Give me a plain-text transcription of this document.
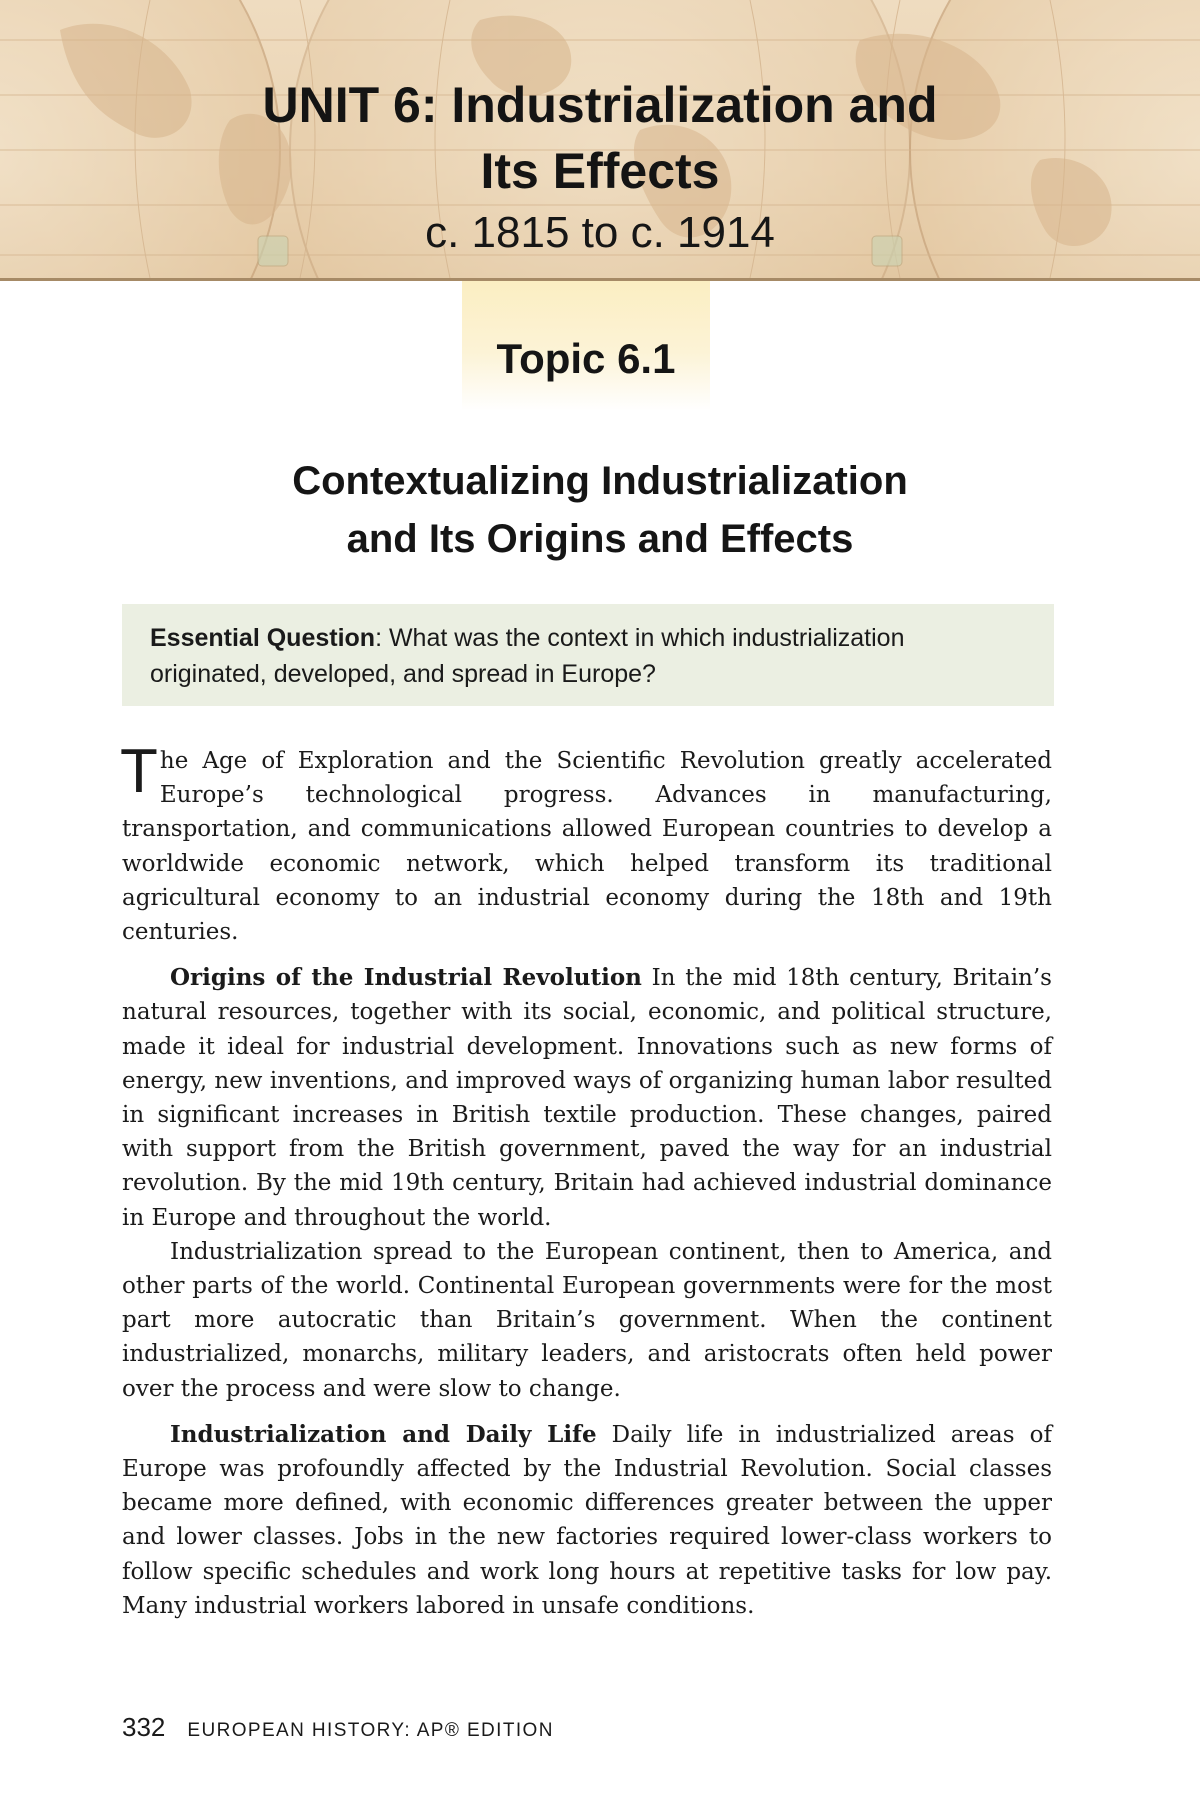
UNIT 6: Industrialization and
Its Effects
c. 1815 to c. 1914
Topic 6.1
Contextualizing Industrialization
and Its Origins and Effects
Essential Question: What was the context in which industrialization originated, developed, and spread in Europe?

The Age of Exploration and the Scientific Revolution greatly accelerated Europe’s technological progress. Advances in manufacturing, transportation, and communications allowed European countries to develop a worldwide economic network, which helped transform its traditional agricultural economy to an industrial economy during the 18th and 19th centuries.

Origins of the Industrial Revolution In the mid 18th century, Britain’s natural resources, together with its social, economic, and political structure, made it ideal for industrial development. Innovations such as new forms of energy, new inventions, and improved ways of organizing human labor resulted in significant increases in British textile production. These changes, paired with support from the British government, paved the way for an industrial revolution. By the mid 19th century, Britain had achieved industrial dominance in Europe and throughout the world.

Industrialization spread to the European continent, then to America, and other parts of the world. Continental European governments were for the most part more autocratic than Britain’s government. When the continent industrialized, monarchs, military leaders, and aristocrats often held power over the process and were slow to change.

Industrialization and Daily Life Daily life in industrialized areas of Europe was profoundly affected by the Industrial Revolution. Social classes became more defined, with economic differences greater between the upper and lower classes. Jobs in the new factories required lower-class workers to follow specific schedules and work long hours at repetitive tasks for low pay. Many industrial workers labored in unsafe conditions.

332 EUROPEAN HISTORY: AP® EDITION
